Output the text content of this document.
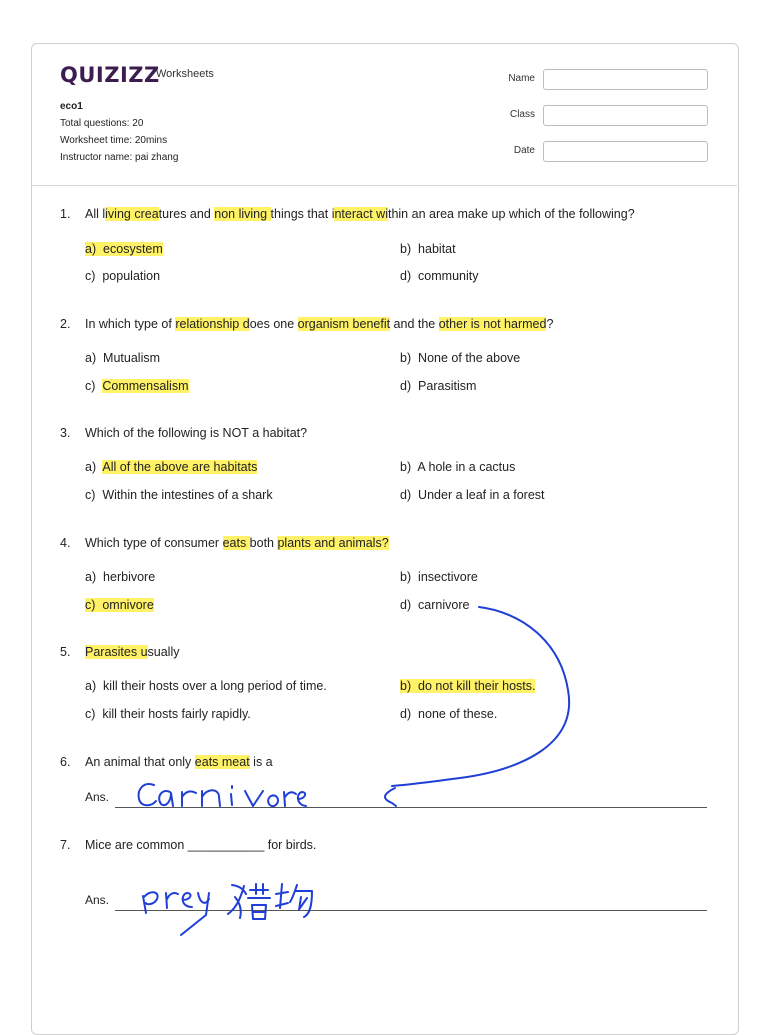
QUIZIZZ
Worksheets
eco1
Total questions: 20
Worksheet time: 20mins
Instructor name: pai zhang
Name
Class
Date
1. All living creatures and non living things that interact within an area make up which of the following?
a)  ecosystem	b)  habitat
c)  population	d)  community
2. In which type of relationship does one organism benefit and the other is not harmed?
a)  Mutualism	b)  None of the above
c)  Commensalism	d)  Parasitism
3. Which of the following is NOT a habitat?
a)  All of the above are habitats	b)  A hole in a cactus
c)  Within the intestines of a shark	d)  Under a leaf in a forest
4. Which type of consumer eats both plants and animals?
a)  herbivore	b)  insectivore
c)  omnivore	d)  carnivore
5. Parasites usually
a)  kill their hosts over a long period of time.	b)  do not kill their hosts.
c)  kill their hosts fairly rapidly.	d)  none of these.
6. An animal that only eats meat is a
Ans.
7. Mice are common ___________ for birds.
Ans.
